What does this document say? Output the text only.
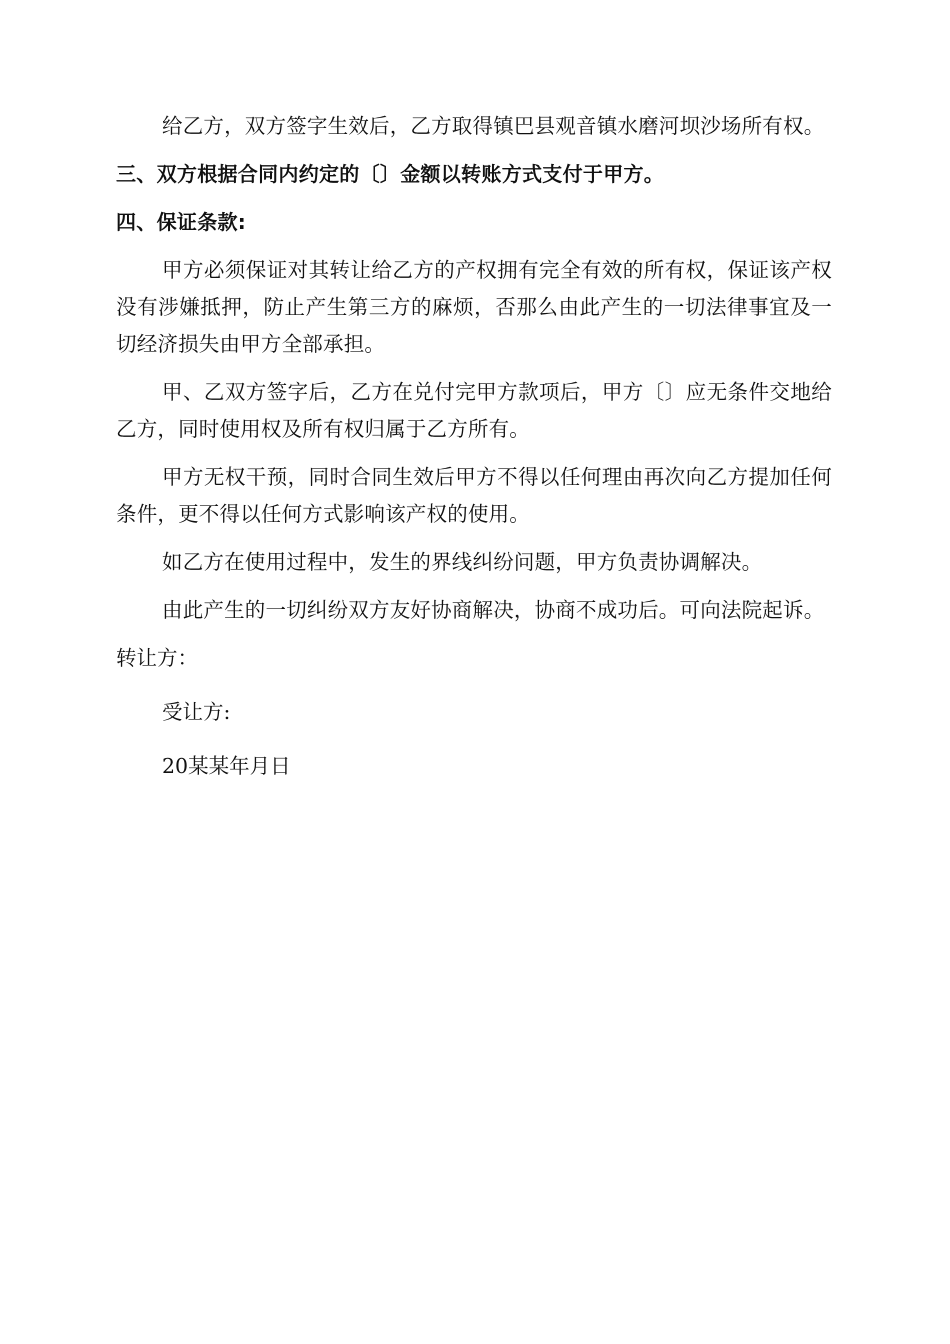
给乙方，双方签字生效后，乙方取得镇巴县观音镇水磨河坝沙场所有权。

三、双方根据合同内约定的〔〕金额以转账方式支付于甲方。

四、保证条款:

甲方必须保证对其转让给乙方的产权拥有完全有效的所有权，保证该产权没有涉嫌抵押，防止产生第三方的麻烦，否那么由此产生的一切法律事宜及一切经济损失由甲方全部承担。

甲、乙双方签字后，乙方在兑付完甲方款项后，甲方〔〕应无条件交地给乙方，同时使用权及所有权归属于乙方所有。

甲方无权干预，同时合同生效后甲方不得以任何理由再次向乙方提加任何条件，更不得以任何方式影响该产权的使用。

如乙方在使用过程中，发生的界线纠纷问题，甲方负责协调解决。

由此产生的一切纠纷双方友好协商解决，协商不成功后。可向法院起诉。

转让方：

受让方:

20某某年月日
